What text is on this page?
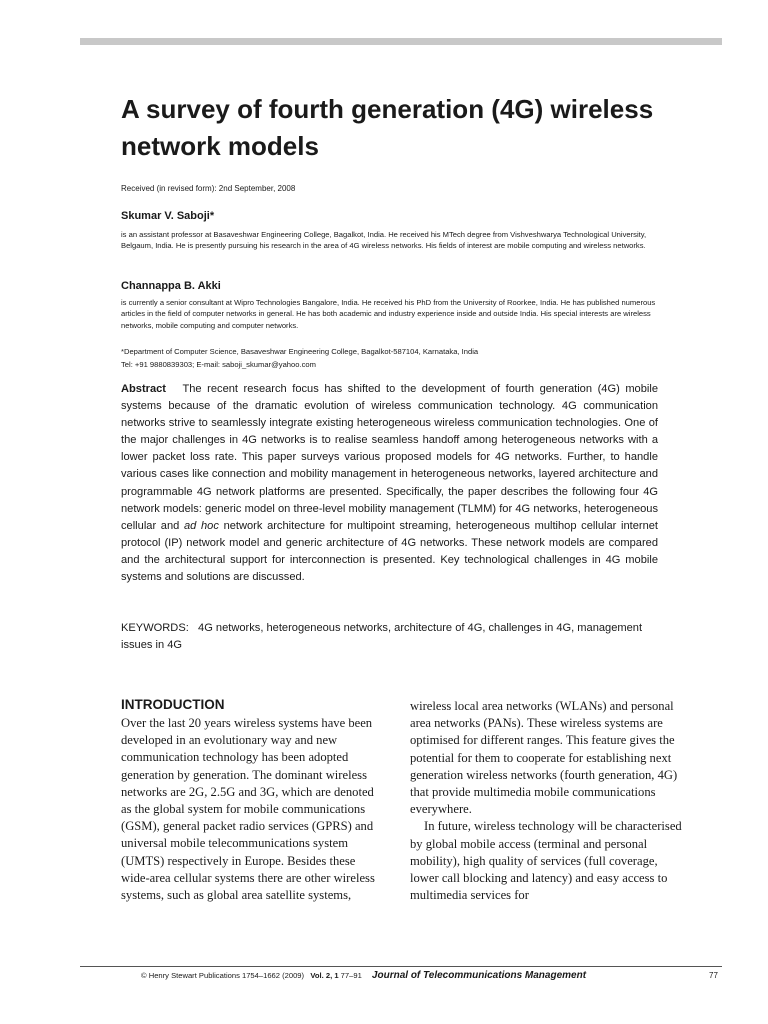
A survey of fourth generation (4G) wireless network models
Received (in revised form): 2nd September, 2008
Skumar V. Saboji*
is an assistant professor at Basaveshwar Engineering College, Bagalkot, India. He received his MTech degree from Vishveshwarya Technological University, Belgaum, India. He is presently pursuing his research in the area of 4G wireless networks. His fields of interest are mobile computing and wireless networks.
Channappa B. Akki
is currently a senior consultant at Wipro Technologies Bangalore, India. He received his PhD from the University of Roorkee, India. He has published numerous articles in the field of computer networks in general. He has both academic and industry experience inside and outside India. His special interests are wireless networks, mobile computing and computer networks.
*Department of Computer Science, Basaveshwar Engineering College, Bagalkot-587104, Karnataka, India
Tel: +91 9880839303; E-mail: saboji_skumar@yahoo.com

Abstract The recent research focus has shifted to the development of fourth generation (4G) mobile systems because of the dramatic evolution of wireless communication technology. 4G communication networks strive to seamlessly integrate existing heterogeneous wireless communication technologies. One of the major challenges in 4G networks is to realise seamless handoff among heterogeneous networks with a lower packet loss rate. This paper surveys various proposed models for 4G networks. Further, to handle various cases like connection and mobility management in heterogeneous networks, layered architecture and programmable 4G network platforms are presented. Specifically, the paper describes the following four 4G network models: generic model on three-level mobility management (TLMM) for 4G networks, heterogeneous cellular and ad hoc network architecture for multipoint streaming, heterogeneous multihop cellular internet protocol (IP) network model and generic architecture of 4G networks. These network models are compared and the architectural support for interconnection is presented. Key technological challenges in 4G mobile systems and solutions are discussed.

KEYWORDS:   4G networks, heterogeneous networks, architecture of 4G, challenges in 4G, management issues in 4G
INTRODUCTION

Over the last 20 years wireless systems have been developed in an evolutionary way and new communication technology has been adopted generation by generation. The dominant wireless networks are 2G, 2.5G and 3G, which are denoted as the global system for mobile communications (GSM), general packet radio services (GPRS) and universal mobile telecommunications system (UMTS) respectively in Europe. Besides these wide-area cellular systems there are other wireless systems, such as global area satellite systems,

wireless local area networks (WLANs) and personal area networks (PANs). These wireless systems are optimised for different ranges. This feature gives the potential for them to cooperate for establishing next generation wireless networks (fourth generation, 4G) that provide multimedia mobile communications everywhere.

In future, wireless technology will be characterised by global mobile access (terminal and personal mobility), high quality of services (full coverage, lower call blocking and latency) and easy access to multimedia services for

© Henry Stewart Publications 1754–1662 (2009) Vol. 2, 1 77–91 Journal of Telecommunications Management	77
